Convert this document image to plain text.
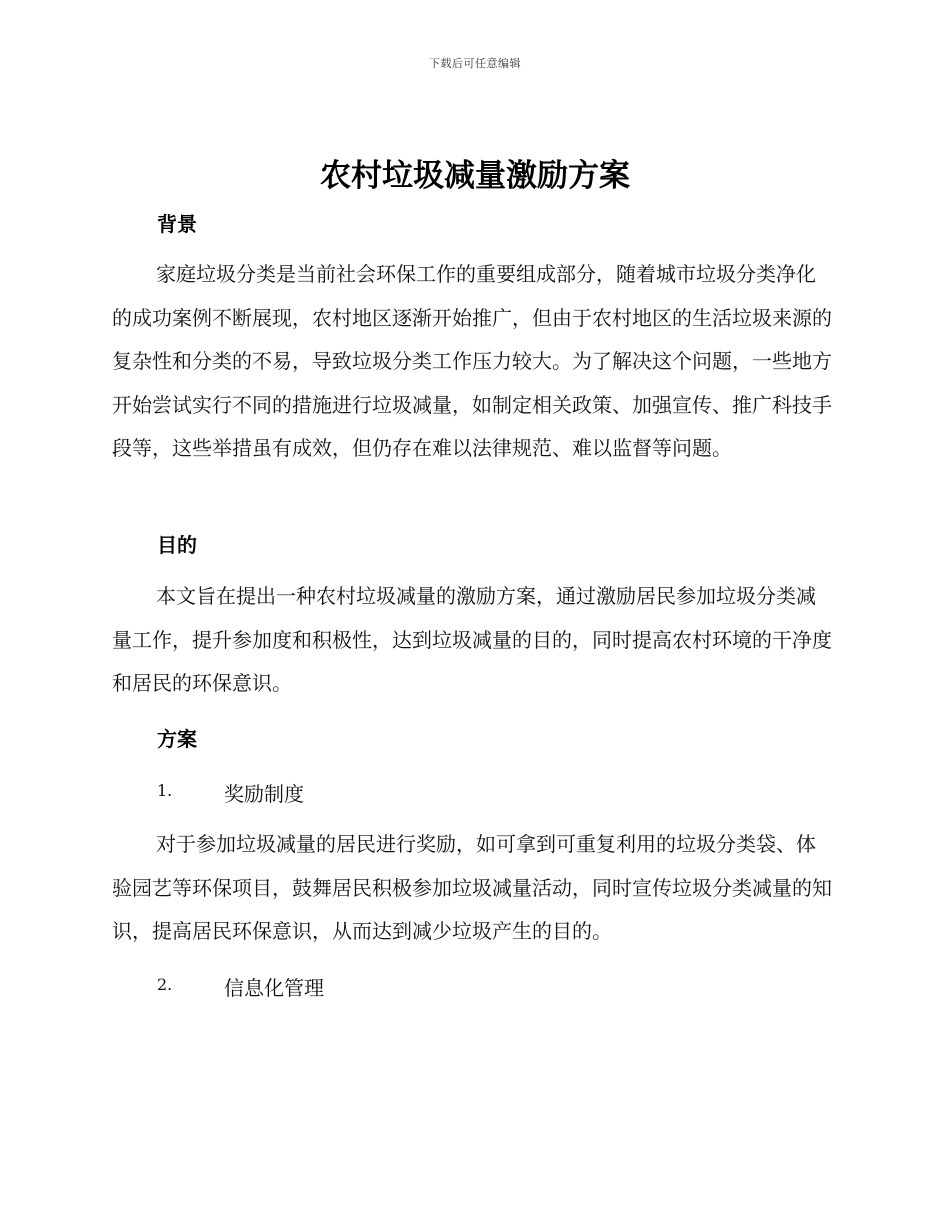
下载后可任意编辑
农村垃圾减量激励方案
背景

家庭垃圾分类是当前社会环保工作的重要组成部分，随着城市垃圾分类净化的成功案例不断展现，农村地区逐渐开始推广，但由于农村地区的生活垃圾来源的复杂性和分类的不易，导致垃圾分类工作压力较大。为了解决这个问题，一些地方开始尝试实行不同的措施进行垃圾减量，如制定相关政策、加强宣传、推广科技手段等，这些举措虽有成效，但仍存在难以法律规范、难以监督等问题。

目的

本文旨在提出一种农村垃圾减量的激励方案，通过激励居民参加垃圾分类减量工作，提升参加度和积极性，达到垃圾减量的目的，同时提高农村环境的干净度和居民的环保意识。

方案
1.	奖励制度

对于参加垃圾减量的居民进行奖励，如可拿到可重复利用的垃圾分类袋、体验园艺等环保项目，鼓舞居民积极参加垃圾减量活动，同时宣传垃圾分类减量的知识，提高居民环保意识，从而达到减少垃圾产生的目的。

2.	信息化管理
